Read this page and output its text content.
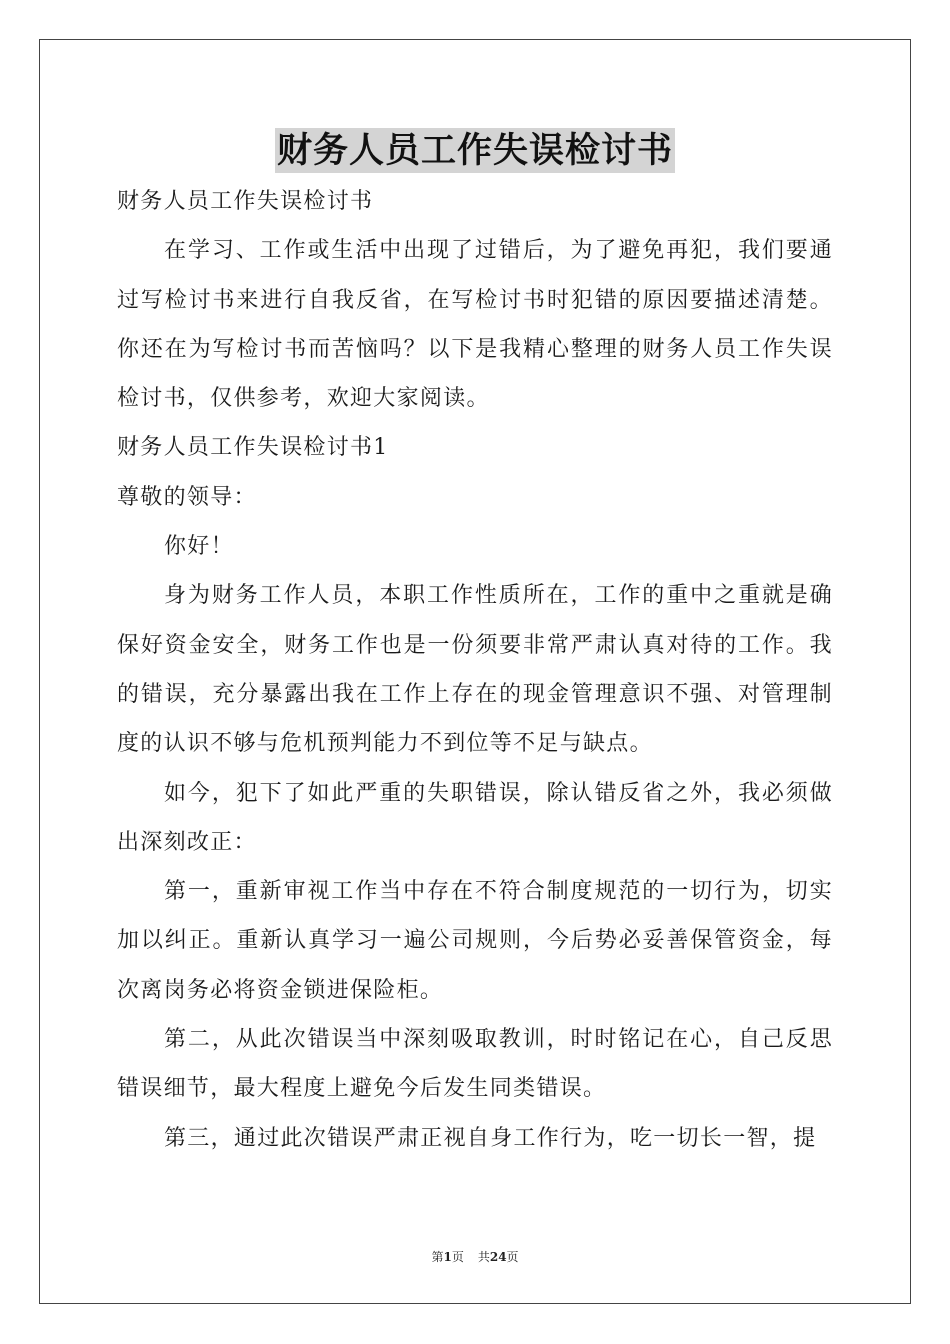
财务人员工作失误检讨书

财务人员工作失误检讨书

在学习、工作或生活中出现了过错后，为了避免再犯，我们要通过写检讨书来进行自我反省，在写检讨书时犯错的原因要描述清楚。你还在为写检讨书而苦恼吗？以下是我精心整理的财务人员工作失误检讨书，仅供参考，欢迎大家阅读。

财务人员工作失误检讨书1

尊敬的领导：

你好！

身为财务工作人员，本职工作性质所在，工作的重中之重就是确保好资金安全，财务工作也是一份须要非常严肃认真对待的工作。我的错误，充分暴露出我在工作上存在的现金管理意识不强、对管理制度的认识不够与危机预判能力不到位等不足与缺点。

如今，犯下了如此严重的失职错误，除认错反省之外，我必须做出深刻改正：

第一，重新审视工作当中存在不符合制度规范的一切行为，切实加以纠正。重新认真学习一遍公司规则，今后势必妥善保管资金，每次离岗务必将资金锁进保险柜。

第二，从此次错误当中深刻吸取教训，时时铭记在心，自己反思错误细节，最大程度上避免今后发生同类错误。

第三，通过此次错误严肃正视自身工作行为，吃一切长一智，提

第1页 共24页
